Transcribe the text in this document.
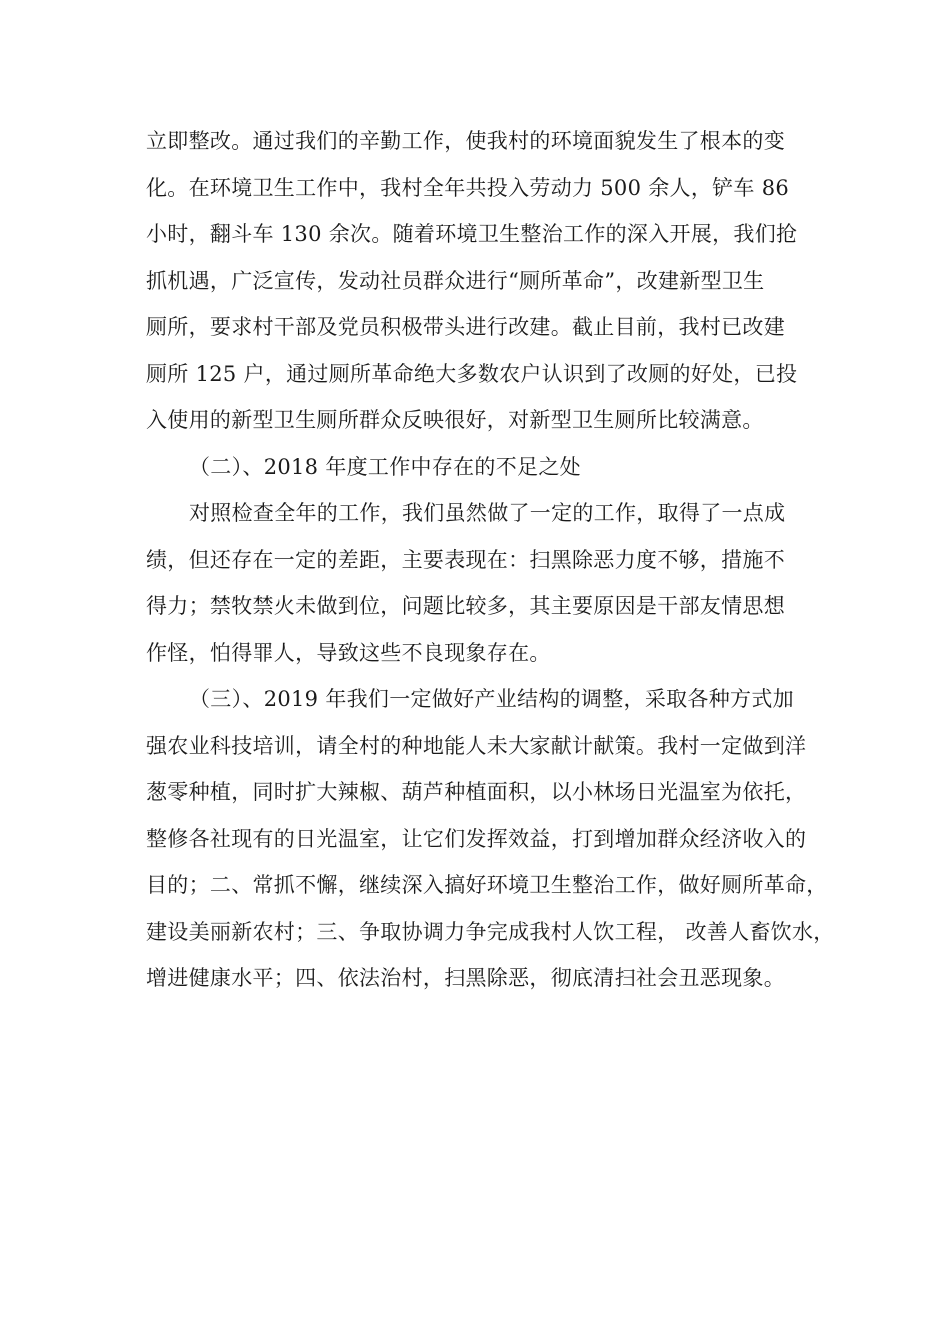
立即整改。通过我们的辛勤工作，使我村的环境面貌发生了根本的变
化。在环境卫生工作中，我村全年共投入劳动力 500 余人，铲车 86
小时，翻斗车 130 余次。随着环境卫生整治工作的深入开展，我们抢
抓机遇，广泛宣传，发动社员群众进行“厕所革命”，改建新型卫生
厕所，要求村干部及党员积极带头进行改建。截止目前，我村已改建
厕所 125 户，通过厕所革命绝大多数农户认识到了改厕的好处，已投
入使用的新型卫生厕所群众反映很好，对新型卫生厕所比较满意。
（二）、2018 年度工作中存在的不足之处
对照检查全年的工作，我们虽然做了一定的工作，取得了一点成
绩，但还存在一定的差距，主要表现在：扫黑除恶力度不够，措施不
得力；禁牧禁火未做到位，问题比较多，其主要原因是干部友情思想
作怪，怕得罪人，导致这些不良现象存在。
（三）、2019 年我们一定做好产业结构的调整，采取各种方式加
强农业科技培训，请全村的种地能人未大家献计献策。我村一定做到洋
葱零种植，同时扩大辣椒、葫芦种植面积，以小林场日光温室为依托，
整修各社现有的日光温室，让它们发挥效益，打到增加群众经济收入的
目的；二、常抓不懈，继续深入搞好环境卫生整治工作，做好厕所革命，
建设美丽新农村；三、争取协调力争完成我村人饮工程， 改善人畜饮水，
增进健康水平；四、依法治村，扫黑除恶，彻底清扫社会丑恶现象。
